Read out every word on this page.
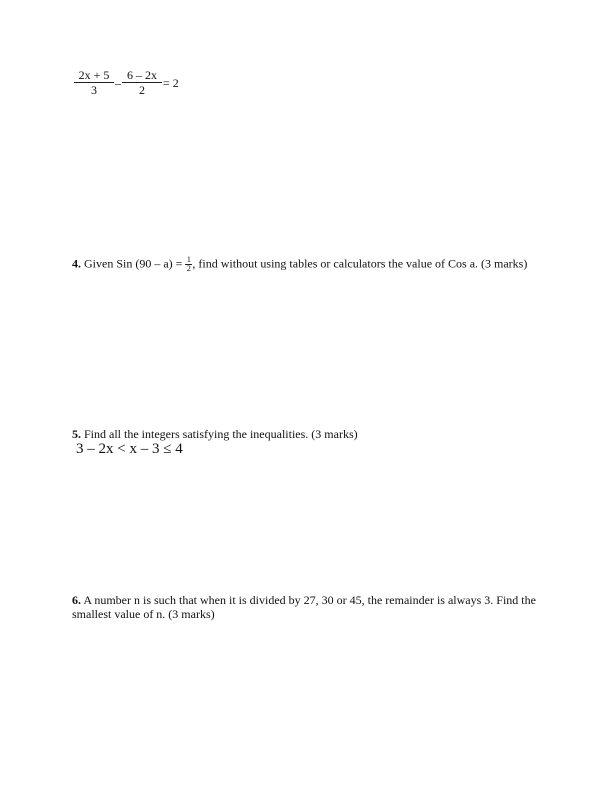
$\frac{2x + 5}{3} - \frac{6 - 2x}{2} = 2$
4. Given Sin $(90 - a) = \frac{1}{2}$ , find without using tables or calculators the value of Cos a. (3 marks)
5. Find all the integers satisfying the inequalities. (3 marks)
3 – 2x < x – 3 ≤ 4
6. A number n is such that when it is divided by 27, 30 or 45, the remainder is always 3. Find the smallest value of n. (3 marks)
